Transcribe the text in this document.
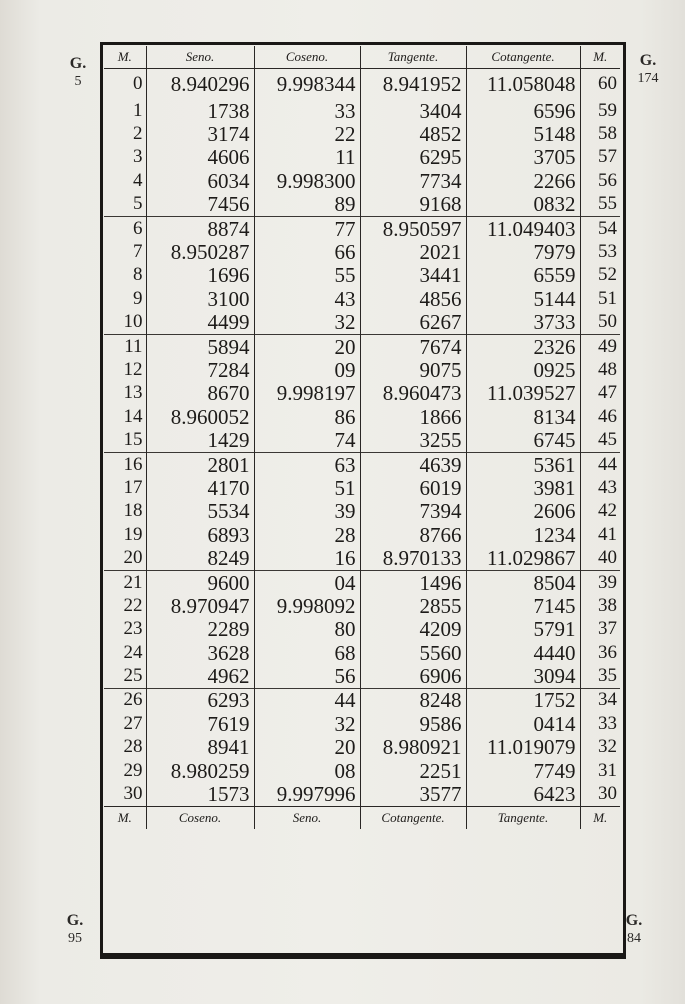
G.
5
G.
174
G.
95
G.
84
M.	Seno.	Coseno.	Tangente.	Cotangente.	M.
0	8.940296	9.998344	8.941952	11.058048	60
1	1738	33	3404	6596	59
2	3174	22	4852	5148	58
3	4606	11	6295	3705	57
4	6034	9.998300	7734	2266	56
5	7456	89	9168	0832	55
6	8874	77	8.950597	11.049403	54
7	8.950287	66	2021	7979	53
8	1696	55	3441	6559	52
9	3100	43	4856	5144	51
10	4499	32	6267	3733	50
11	5894	20	7674	2326	49
12	7284	09	9075	0925	48
13	8670	9.998197	8.960473	11.039527	47
14	8.960052	86	1866	8134	46
15	1429	74	3255	6745	45
16	2801	63	4639	5361	44
17	4170	51	6019	3981	43
18	5534	39	7394	2606	42
19	6893	28	8766	1234	41
20	8249	16	8.970133	11.029867	40
21	9600	04	1496	8504	39
22	8.970947	9.998092	2855	7145	38
23	2289	80	4209	5791	37
24	3628	68	5560	4440	36
25	4962	56	6906	3094	35
26	6293	44	8248	1752	34
27	7619	32	9586	0414	33
28	8941	20	8.980921	11.019079	32
29	8.980259	08	2251	7749	31
30	1573	9.997996	3577	6423	30
M.	Coseno.	Seno.	Cotangente.	Tangente.	M.
